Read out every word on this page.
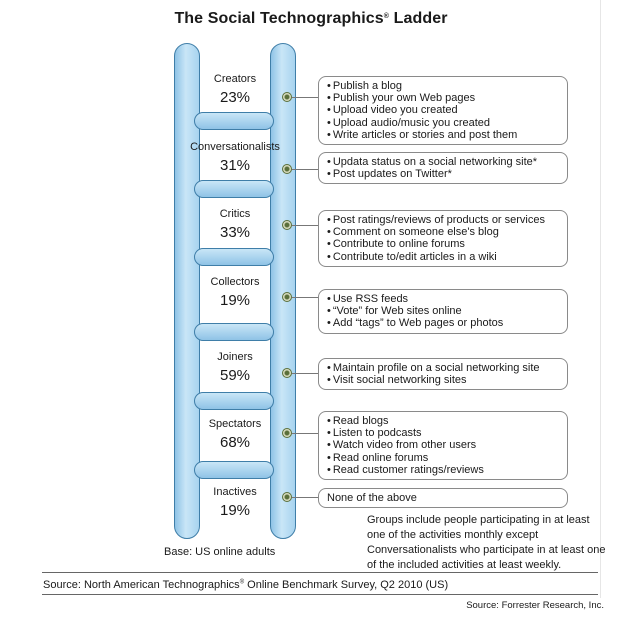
The Social Technographics® Ladder
Creators
23%
• Publish a blog
• Publish your own Web pages
• Upload video you created
• Upload audio/music you created
• Write articles or stories and post them
Conversationalists
31%	• Updata status on a social networking site*
• Post updates on Twitter*
Critics
33%
• Post ratings/reviews of products or services
• Comment on someone else's blog
• Contribute to online forums
• Contribute to/edit articles in a wiki
Collectors
19%	• Use RSS feeds
• “Vote” for Web sites online
• Add “tags” to Web pages or photos
Joiners
59%	• Maintain profile on a social networking site
• Visit social networking sites
Spectators
68%
• Read blogs
• Listen to podcasts
• Watch video from other users
• Read online forums
• Read customer ratings/reviews
Inactives
19%
None of the above
Groups include people participating in at least one of the activities monthly except Conversationalists who participate in at least one of the included activities at least weekly.
Base: US online adults
Source: North American Technographics® Online Benchmark Survey, Q2 2010 (US)
Source: Forrester Research, Inc.
